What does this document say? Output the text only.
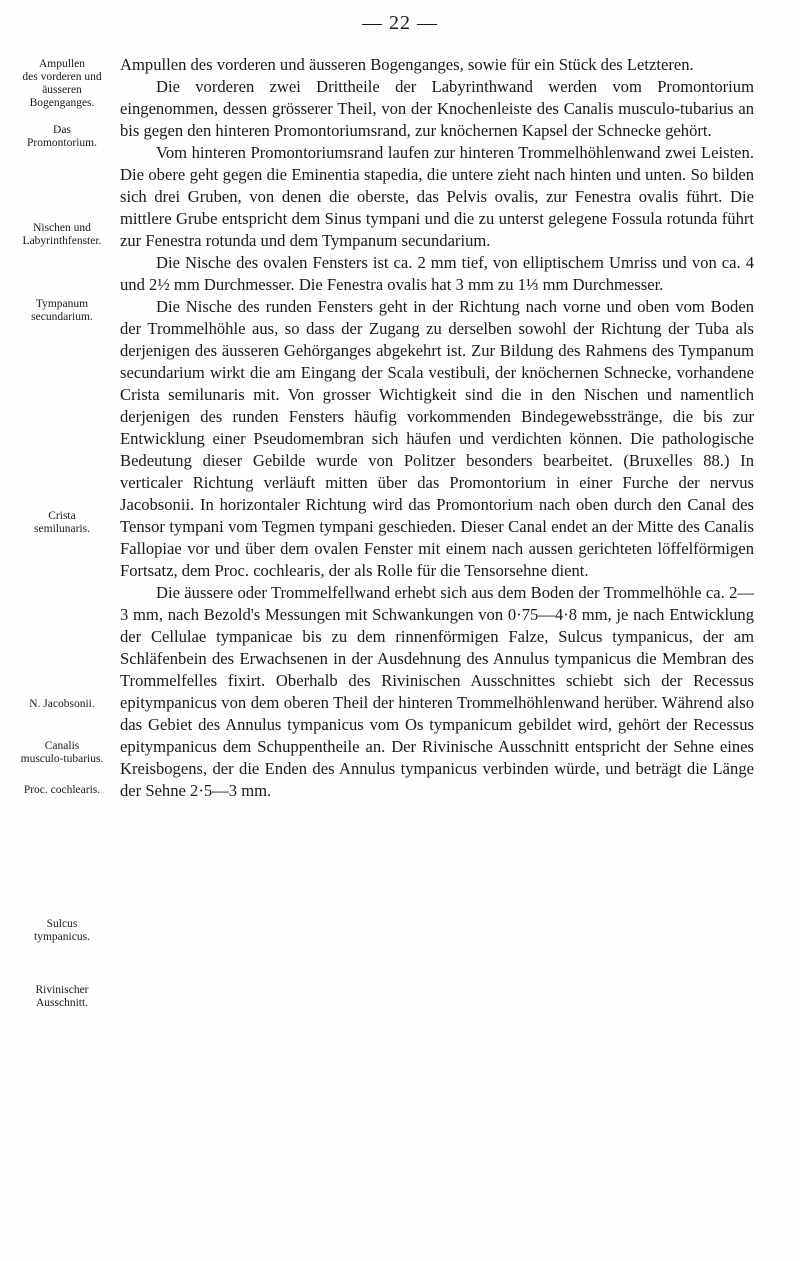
— 22 —
Ampullen
des vorderen und
äusseren
Bogenganges.
Das
Promontorium.
Nischen und
Labyrinthfenster.
Tympanum
secundarium.
Crista
semilunaris.
N. Jacobsonii.
Canalis
musculo-tubarius.
Proc. cochlearis.
Sulcus
tympanicus.
Rivinischer
Ausschnitt.

Ampullen des vorderen und äusseren Bogenganges, sowie für ein Stück des Letzteren.

Die vorderen zwei Drittheile der Labyrinthwand werden vom Promontorium eingenommen, dessen grösserer Theil, von der Knochenleiste des Canalis musculo-tubarius an bis gegen den hinteren Promontoriumsrand, zur knöchernen Kapsel der Schnecke gehört.

Vom hinteren Promontoriumsrand laufen zur hinteren Trommelhöhlenwand zwei Leisten. Die obere geht gegen die Eminentia stapedia, die untere zieht nach hinten und unten. So bilden sich drei Gruben, von denen die oberste, das Pelvis ovalis, zur Fenestra ovalis führt. Die mittlere Grube entspricht dem Sinus tympani und die zu unterst gelegene Fossula rotunda führt zur Fenestra rotunda und dem Tympanum secundarium.

Die Nische des ovalen Fensters ist ca. 2 mm tief, von elliptischem Umriss und von ca. 4 und 2½ mm Durchmesser. Die Fenestra ovalis hat 3 mm zu 1⅓ mm Durchmesser.

Die Nische des runden Fensters geht in der Richtung nach vorne und oben vom Boden der Trommelhöhle aus, so dass der Zugang zu derselben sowohl der Richtung der Tuba als derjenigen des äusseren Gehörganges abgekehrt ist. Zur Bildung des Rahmens des Tympanum secundarium wirkt die am Eingang der Scala vestibuli, der knöchernen Schnecke, vorhandene Crista semilunaris mit. Von grosser Wichtigkeit sind die in den Nischen und namentlich derjenigen des runden Fensters häufig vorkommenden Bindegewebsstränge, die bis zur Entwicklung einer Pseudomembran sich häufen und verdichten können. Die pathologische Bedeutung dieser Gebilde wurde von Politzer besonders bearbeitet. (Bruxelles 88.) In verticaler Richtung verläuft mitten über das Promontorium in einer Furche der nervus Jacobsonii. In horizontaler Richtung wird das Promontorium nach oben durch den Canal des Tensor tympani vom Tegmen tympani geschieden. Dieser Canal endet an der Mitte des Canalis Fallopiae vor und über dem ovalen Fenster mit einem nach aussen gerichteten löffelförmigen Fortsatz, dem Proc. cochlearis, der als Rolle für die Tensorsehne dient.

Die äussere oder Trommelfellwand erhebt sich aus dem Boden der Trommelhöhle ca. 2—3 mm, nach Bezold's Messungen mit Schwankungen von 0·75—4·8 mm, je nach Entwicklung der Cellulae tympanicae bis zu dem rinnenförmigen Falze, Sulcus tympanicus, der am Schläfenbein des Erwachsenen in der Ausdehnung des Annulus tympanicus die Membran des Trommelfelles fixirt. Oberhalb des Rivinischen Ausschnittes schiebt sich der Recessus epitympanicus von dem oberen Theil der hinteren Trommelhöhlenwand herüber. Während also das Gebiet des Annulus tympanicus vom Os tympanicum gebildet wird, gehört der Recessus epitympanicus dem Schuppentheile an. Der Rivinische Ausschnitt entspricht der Sehne eines Kreisbogens, der die Enden des Annulus tympanicus verbinden würde, und beträgt die Länge der Sehne 2·5—3 mm.
